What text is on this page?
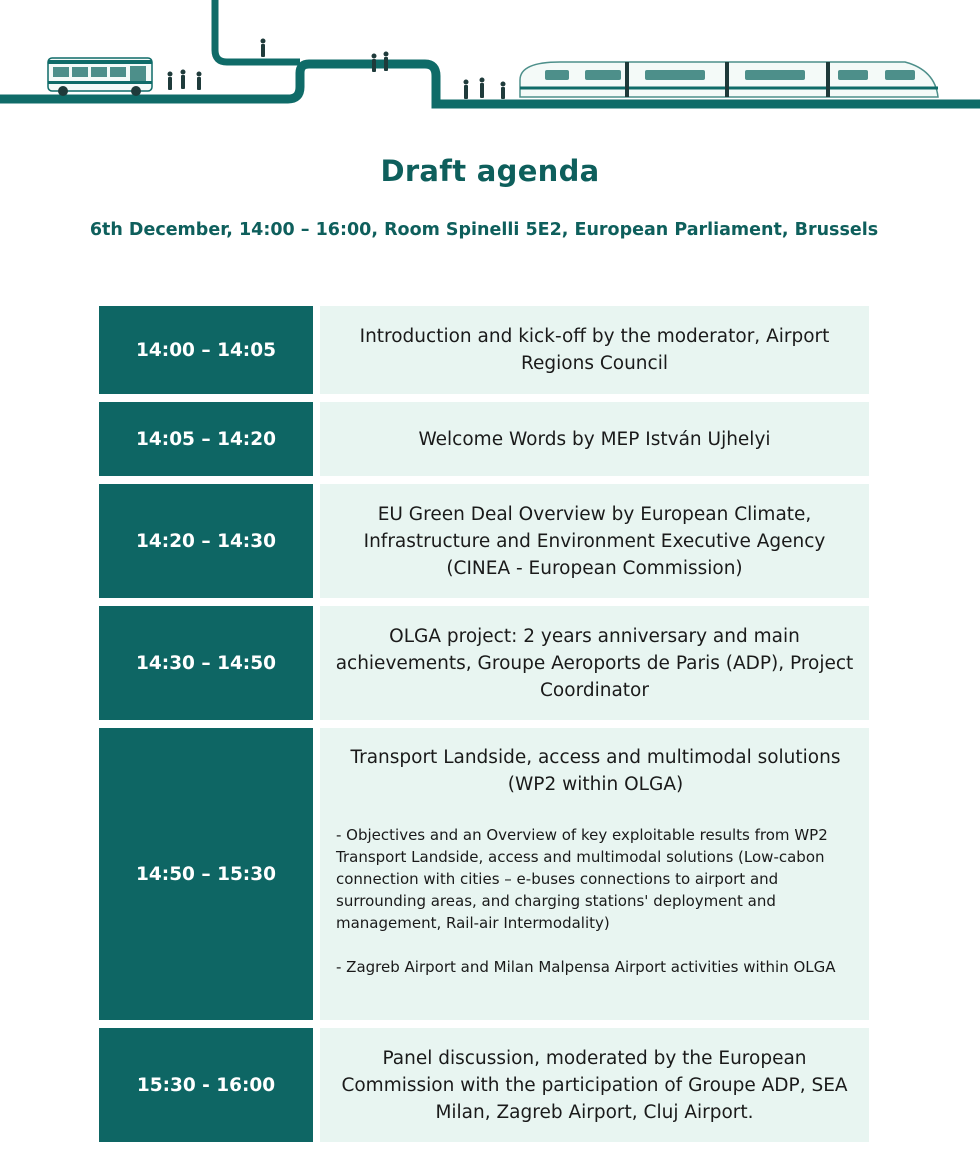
Draft agenda
6th December, 14:00 – 16:00, Room Spinelli 5E2, European Parliament, Brussels
14:00 – 14:05
Introduction and kick-off by the moderator, Airport Regions Council
14:05 – 14:20	Welcome Words by MEP István Ujhelyi
14:20 – 14:30
EU Green Deal Overview by European Climate, Infrastructure and Environment Executive Agency (CINEA - European Commission)
14:30 – 14:50
OLGA project: 2 years anniversary and main achievements, Groupe Aeroports de Paris (ADP), Project Coordinator
14:50 – 15:30
Transport Landside, access and multimodal solutions (WP2 within OLGA)
- Objectives and an Overview of key exploitable results from WP2 Transport Landside, access and multimodal solutions (Low-cabon connection with cities – e-buses connections to airport and surrounding areas, and charging stations' deployment and management, Rail-air Intermodality)
- Zagreb Airport and Milan Malpensa Airport activities within OLGA
15:30 - 16:00
Panel discussion, moderated by the European Commission with the participation of Groupe ADP, SEA Milan, Zagreb Airport, Cluj Airport.
